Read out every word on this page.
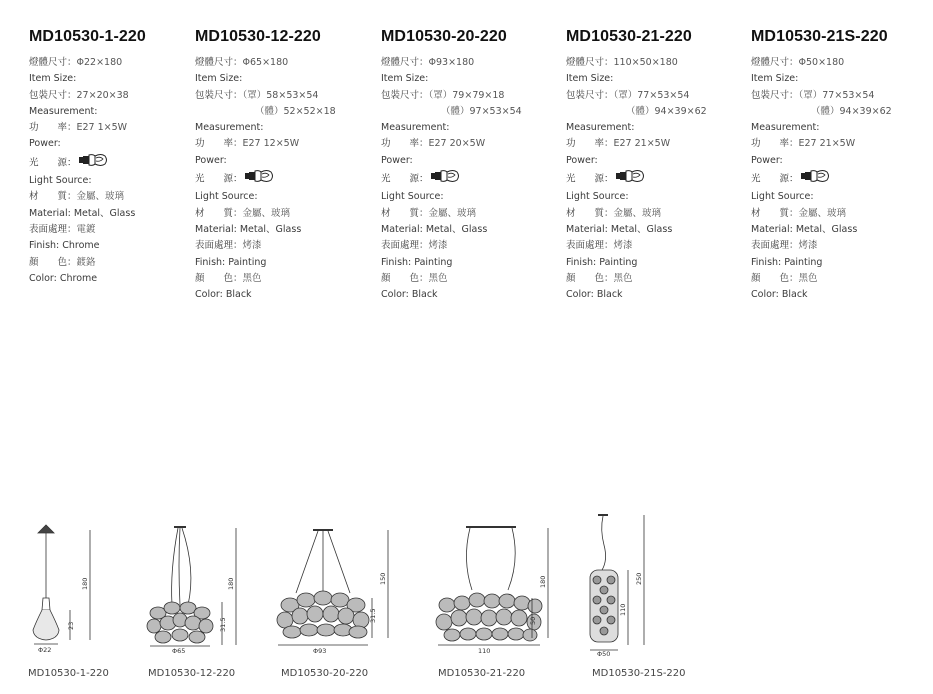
MD10530-1-220
燈體尺寸：Φ22×180
Item Size:
包裝尺寸：27×20×38
Measurement:
功　　率：E27 1×5W
Power:
光　　源：
Light Source:
材　　質：金屬、玻璃
Material: Metal、Glass
表面處理：電鍍
Finish: Chrome
顏　　色：鍍鉻
Color: Chrome
MD10530-12-220
燈體尺寸：Φ65×180
Item Size:
包裝尺寸：（罩）58×53×54
（體）52×52×18
Measurement:
功　　率：E27 12×5W
Power:
光　　源：
Light Source:
材　　質：金屬、玻璃
Material: Metal、Glass
表面處理：烤漆
Finish: Painting
顏　　色：黑色
Color: Black
MD10530-20-220
燈體尺寸：Φ93×180
Item Size:
包裝尺寸：（罩）79×79×18
（體）97×53×54
Measurement:
功　　率：E27 20×5W
Power:
光　　源：
Light Source:
材　　質：金屬、玻璃
Material: Metal、Glass
表面處理：烤漆
Finish: Painting
顏　　色：黑色
Color: Black
MD10530-21-220
燈體尺寸：110×50×180
Item Size:
包裝尺寸：（罩）77×53×54
（體）94×39×62
Measurement:
功　　率：E27 21×5W
Power:
光　　源：
Light Source:
材　　質：金屬、玻璃
Material: Metal、Glass
表面處理：烤漆
Finish: Painting
顏　　色：黑色
Color: Black
MD10530-21S-220
燈體尺寸：Φ50×180
Item Size:
包裝尺寸：（罩）77×53×54
（體）94×39×62
Measurement:
功　　率：E27 21×5W
Power:
光　　源：
Light Source:
材　　質：金屬、玻璃
Material: Metal、Glass
表面處理：烤漆
Finish: Painting
顏　　色：黑色
Color: Black
Φ22
180
23
Φ65
180
31.5
Φ93
150
31.5
110
180
50
Φ50
250
110
MD10530-1-220	MD10530-12-220	MD10530-20-220	MD10530-21-220	MD10530-21S-220
